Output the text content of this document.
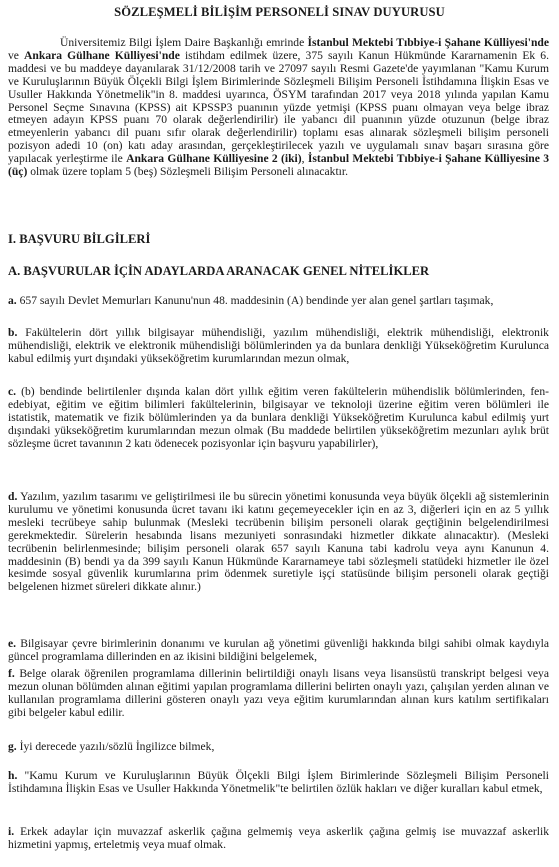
SÖZLEŞMELİ BİLİŞİM PERSONELİ SINAV DUYURUSU
Üniversitemiz Bilgi İşlem Daire Başkanlığı emrinde İstanbul Mektebi Tıbbiye-i Şahane Külliyesi'nde ve Ankara Gülhane Külliyesi'nde istihdam edilmek üzere, 375 sayılı Kanun Hükmünde Kararnamenin Ek 6. maddesi ve bu maddeye dayanılarak 31/12/2008 tarih ve 27097 sayılı Resmi Gazete'de yayımlanan "Kamu Kurum ve Kuruluşlarının Büyük Ölçekli Bilgi İşlem Birimlerinde Sözleşmeli Bilişim Personeli İstihdamına İlişkin Esas ve Usuller Hakkında Yönetmelik"in 8. maddesi uyarınca, ÖSYM tarafından 2017 veya 2018 yılında yapılan Kamu Personel Seçme Sınavına (KPSS) ait KPSSP3 puanının yüzde yetmişi (KPSS puanı olmayan veya belge ibraz etmeyen adayın KPSS puanı 70 olarak değerlendirilir) ile yabancı dil puanının yüzde otuzunun (belge ibraz etmeyenlerin yabancı dil puanı sıfır olarak değerlendirilir) toplamı esas alınarak sözleşmeli bilişim personeli pozisyon adedi 10 (on) katı aday arasından, gerçekleştirilecek yazılı ve uygulamalı sınav başarı sırasına göre yapılacak yerleştirme ile Ankara Gülhane Külliyesine 2 (iki), İstanbul Mektebi Tıbbiye-i Şahane Külliyesine 3 (üç) olmak üzere toplam 5 (beş) Sözleşmeli Bilişim Personeli alınacaktır.
I. BAŞVURU BİLGİLERİ
A. BAŞVURULAR İÇİN ADAYLARDA ARANACAK GENEL NİTELİKLER
a. 657 sayılı Devlet Memurları Kanunu'nun 48. maddesinin (A) bendinde yer alan genel şartları taşımak,
b. Fakültelerin dört yıllık bilgisayar mühendisliği, yazılım mühendisliği, elektrik mühendisliği, elektronik mühendisliği, elektrik ve elektronik mühendisliği bölümlerinden ya da bunlara denkliği Yükseköğretim Kurulunca kabul edilmiş yurt dışındaki yükseköğretim kurumlarından mezun olmak,
c. (b) bendinde belirtilenler dışında kalan dört yıllık eğitim veren fakültelerin mühendislik bölümlerinden, fen-edebiyat, eğitim ve eğitim bilimleri fakültelerinin, bilgisayar ve teknoloji üzerine eğitim veren bölümleri ile istatistik, matematik ve fizik bölümlerinden ya da bunlara denkliği Yükseköğretim Kurulunca kabul edilmiş yurt dışındaki yükseköğretim kurumlarından mezun olmak (Bu maddede belirtilen yükseköğretim mezunları aylık brüt sözleşme ücret tavanının 2 katı ödenecek pozisyonlar için başvuru yapabilirler),
d. Yazılım, yazılım tasarımı ve geliştirilmesi ile bu sürecin yönetimi konusunda veya büyük ölçekli ağ sistemlerinin kurulumu ve yönetimi konusunda ücret tavanı iki katını geçemeyecekler için en az 3, diğerleri için en az 5 yıllık mesleki tecrübeye sahip bulunmak (Mesleki tecrübenin bilişim personeli olarak geçtiğinin belgelendirilmesi gerekmektedir. Sürelerin hesabında lisans mezuniyeti sonrasındaki hizmetler dikkate alınacaktır). (Mesleki tecrübenin belirlenmesinde; bilişim personeli olarak 657 sayılı Kanuna tabi kadrolu veya aynı Kanunun 4. maddesinin (B) bendi ya da 399 sayılı Kanun Hükmünde Kararnameye tabi sözleşmeli statüdeki hizmetler ile özel kesimde sosyal güvenlik kurumlarına prim ödenmek suretiyle işçi statüsünde bilişim personeli olarak geçtiği belgelenen hizmet süreleri dikkate alınır.)
e. Bilgisayar çevre birimlerinin donanımı ve kurulan ağ yönetimi güvenliği hakkında bilgi sahibi olmak kaydıyla güncel programlama dillerinden en az ikisini bildiğini belgelemek,
f. Belge olarak öğrenilen programlama dillerinin belirtildiği onaylı lisans veya lisansüstü transkript belgesi veya mezun olunan bölümden alınan eğitimi yapılan programlama dillerini belirten onaylı yazı, çalışılan yerden alınan ve kullanılan programlama dillerini gösteren onaylı yazı veya eğitim kurumlarından alınan kurs katılım sertifikaları gibi belgeler kabul edilir.
g. İyi derecede yazılı/sözlü İngilizce bilmek,
h. "Kamu Kurum ve Kuruluşlarının Büyük Ölçekli Bilgi İşlem Birimlerinde Sözleşmeli Bilişim Personeli İstihdamına İlişkin Esas ve Usuller Hakkında Yönetmelik"te belirtilen özlük hakları ve diğer kuralları kabul etmek,
i. Erkek adaylar için muvazzaf askerlik çağına gelmemiş veya askerlik çağına gelmiş ise muvazzaf askerlik hizmetini yapmış, erteletmiş veya muaf olmak.
